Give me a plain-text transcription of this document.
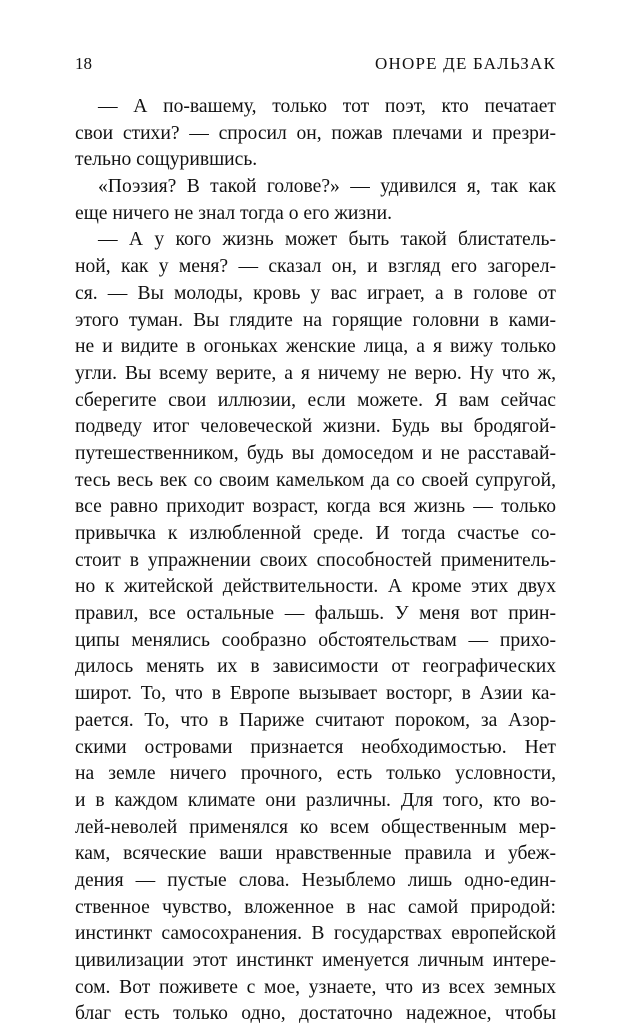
18	ОНОРЕ ДЕ БАЛЬЗАК
— А по-вашему, только тот поэт, кто печатает
свои стихи? — спросил он, пожав плечами и презри-
тельно сощурившись.
«Поэзия? В такой голове?» — удивился я, так как
еще ничего не знал тогда о его жизни.
— А у кого жизнь может быть такой блистатель-
ной, как у меня? — сказал он, и взгляд его загорел-
ся. — Вы молоды, кровь у вас играет, а в голове от
этого туман. Вы глядите на горящие головни в ками-
не и видите в огоньках женские лица, а я вижу только
угли. Вы всему верите, а я ничему не верю. Ну что ж,
сберегите свои иллюзии, если можете. Я вам сейчас
подведу итог человеческой жизни. Будь вы бродягой-
путешественником, будь вы домоседом и не расставай-
тесь весь век со своим камельком да со своей супругой,
все равно приходит возраст, когда вся жизнь — только
привычка к излюбленной среде. И тогда счастье со-
стоит в упражнении своих способностей применитель-
но к житейской действительности. А кроме этих двух
правил, все остальные — фальшь. У меня вот прин-
ципы менялись сообразно обстоятельствам — прихо-
дилось менять их в зависимости от географических
широт. То, что в Европе вызывает восторг, в Азии ка-
рается. То, что в Париже считают пороком, за Азор-
скими островами признается необходимостью. Нет
на земле ничего прочного, есть только условности,
и в каждом климате они различны. Для того, кто во-
лей-неволей применялся ко всем общественным мер-
кам, всяческие ваши нравственные правила и убеж-
дения — пустые слова. Незыблемо лишь одно-един-
ственное чувство, вложенное в нас самой природой:
инстинкт самосохранения. В государствах европейской
цивилизации этот инстинкт именуется личным интере-
сом. Вот поживете с мое, узнаете, что из всех земных
благ есть только одно, достаточно надежное, чтобы
